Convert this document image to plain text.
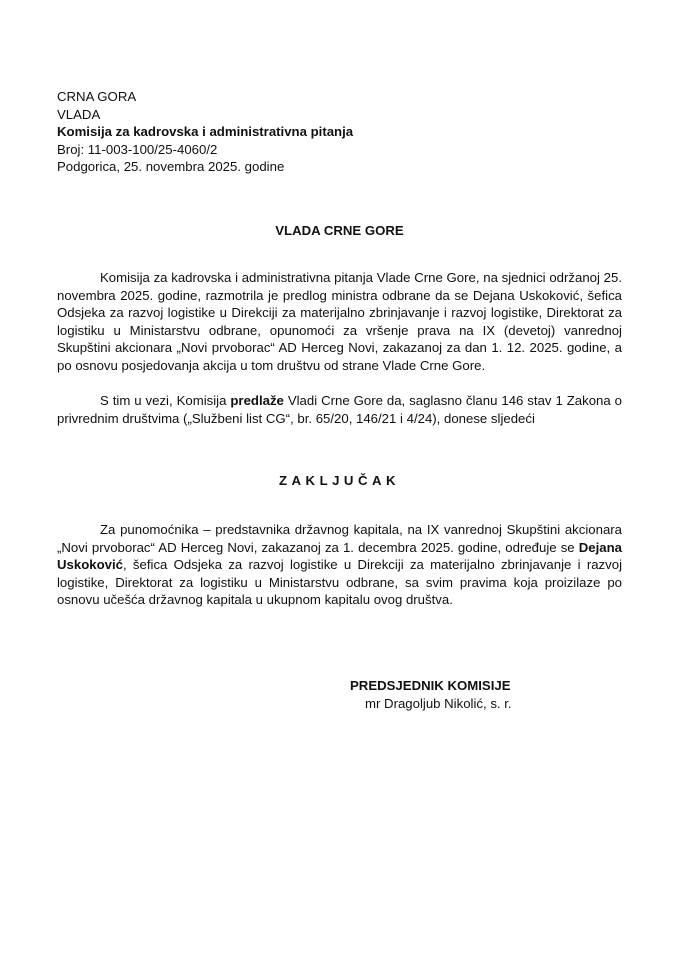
CRNA GORA
VLADA
Komisija za kadrovska i administrativna pitanja
Broj: 11-003-100/25-4060/2
Podgorica, 25. novembra 2025. godine
VLADA CRNE GORE

Komisija za kadrovska i administrativna pitanja Vlade Crne Gore, na sjednici održanoj 25. novembra 2025. godine, razmotrila je predlog ministra odbrane da se Dejana Uskoković, šefica Odsjeka za razvoj logistike u Direkciji za materijalno zbrinjavanje i razvoj logistike, Direktorat za logistiku u Ministarstvu odbrane, opunomoći za vršenje prava na IX (devetoj) vanrednoj Skupštini akcionara „Novi prvoborac“ AD Herceg Novi, zakazanoj za dan 1. 12. 2025. godine, a po osnovu posjedovanja akcija u tom društvu od strane Vlade Crne Gore.

S tim u vezi, Komisija predlaže Vladi Crne Gore da, saglasno članu 146 stav 1 Zakona o privrednim društvima („Službeni list CG“, br. 65/20, 146/21 i 4/24), donese sljedeći

ZAKLJUČAK

Za punomoćnika – predstavnika državnog kapitala, na IX vanrednoj Skupštini akcionara „Novi prvoborac“ AD Herceg Novi, zakazanoj za 1. decembra 2025. godine, određuje se Dejana Uskoković, šefica Odsjeka za razvoj logistike u Direkciji za materijalno zbrinjavanje i razvoj logistike, Direktorat za logistiku u Ministarstvu odbrane, sa svim pravima koja proizilaze po osnovu učešća državnog kapitala u ukupnom kapitalu ovog društva.

PREDSJEDNIK KOMISIJE
mr Dragoljub Nikolić, s. r.
